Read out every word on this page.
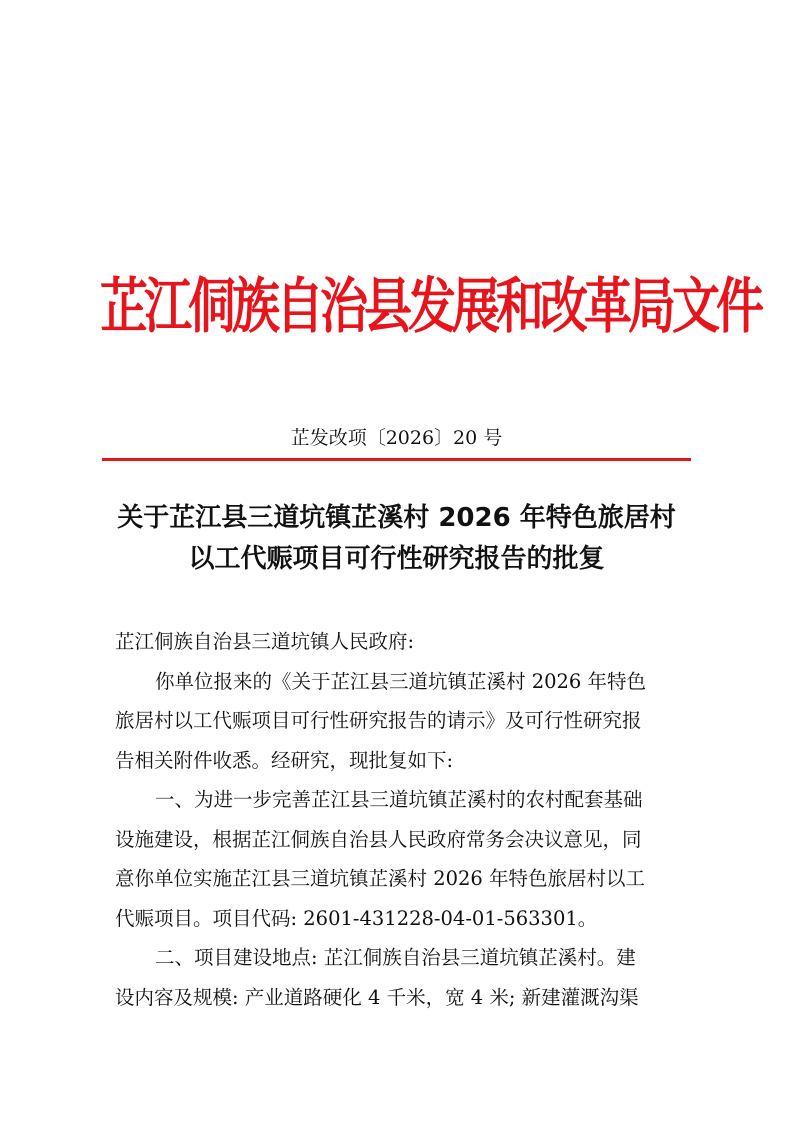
芷江侗族自治县发展和改革局文件
芷发改项〔2026〕20 号
关于芷江县三道坑镇芷溪村 2026 年特色旅居村
以工代赈项目可行性研究报告的批复

芷江侗族自治县三道坑镇人民政府:

你单位报来的《关于芷江县三道坑镇芷溪村 2026 年特色

旅居村以工代赈项目可行性研究报告的请示》及可行性研究报

告相关附件收悉。经研究，现批复如下:

一、为进一步完善芷江县三道坑镇芷溪村的农村配套基础

设施建设，根据芷江侗族自治县人民政府常务会决议意见，同

意你单位实施芷江县三道坑镇芷溪村 2026 年特色旅居村以工

代赈项目。项目代码: 2601-431228-04-01-563301。

二、项目建设地点: 芷江侗族自治县三道坑镇芷溪村。建

设内容及规模: 产业道路硬化 4 千米，宽 4 米; 新建灌溉沟渠
